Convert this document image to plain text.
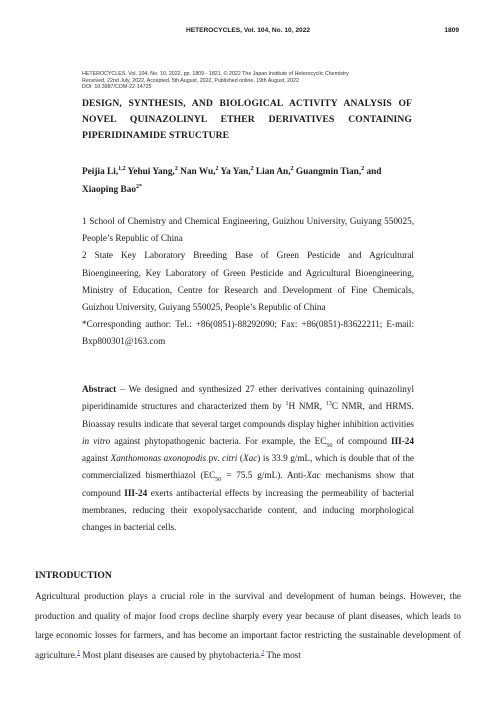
HETEROCYCLES, Vol. 104, No. 10, 2022	1809
HETEROCYCLES, Vol. 104, No. 10, 2022, pp. 1809 - 1821. © 2022 The Japan Institute of Heterocyclic Chemistry
Received, 22nd July, 2022, Accepted, 5th August, 2022, Published online, 19th August, 2022
DOI: 10.3987/COM-22-14725
DESIGN, SYNTHESIS, AND BIOLOGICAL ACTIVITY ANALYSIS OF NOVEL QUINAZOLINYL ETHER DERIVATIVES CONTAINING PIPERIDINAMIDE STRUCTURE
Peijia Li,$^{1,2}$ Yehui Yang,$^2$ Nan Wu,$^2$ Ya Yan,$^2$ Lian An,$^2$ Guangmin Tian,$^2$ and Xiaoping Bao$^{2*}$

1 School of Chemistry and Chemical Engineering, Guizhou University, Guiyang 550025, People’s Republic of China

2 State Key Laboratory Breeding Base of Green Pesticide and Agricultural Bioengineering, Key Laboratory of Green Pesticide and Agricultural Bioengineering, Ministry of Education, Centre for Research and Development of Fine Chemicals, Guizhou University, Guiyang 550025, People’s Republic of China

*Corresponding author: Tel.: +86(0851)-88292090; Fax: +86(0851)-83622211; E-mail: Bxp800301@163.com

Abstract – We designed and synthesized 27 ether derivatives containing quinazolinyl piperidinamide structures and characterized them by $^1$H NMR, $^{13}$C NMR, and HRMS. Bioassay results indicate that several target compounds display higher inhibition activities in vitro against phytopathogenic bacteria. For example, the $EC_{50}$ of compound III-24 against Xanthomonas axonopodis pv. citri (Xac) is 33.9 g/mL, which is double that of the commercialized bismerthiazol ($EC_{50} = 75.5$ g/mL). Anti-Xac mechanisms show that compound III-24 exerts antibacterial effects by increasing the permeability of bacterial membranes, reducing their exopolysaccharide content, and inducing morphological changes in bacterial cells.
INTRODUCTION
Agricultural production plays a crucial role in the survival and development of human beings. However, the production and quality of major food crops decline sharply every year because of plant diseases, which leads to large economic losses for farmers, and has become an important factor restricting the sustainable development of agriculture.$^1$ Most plant diseases are caused by phytobacteria.$^2$ The most
